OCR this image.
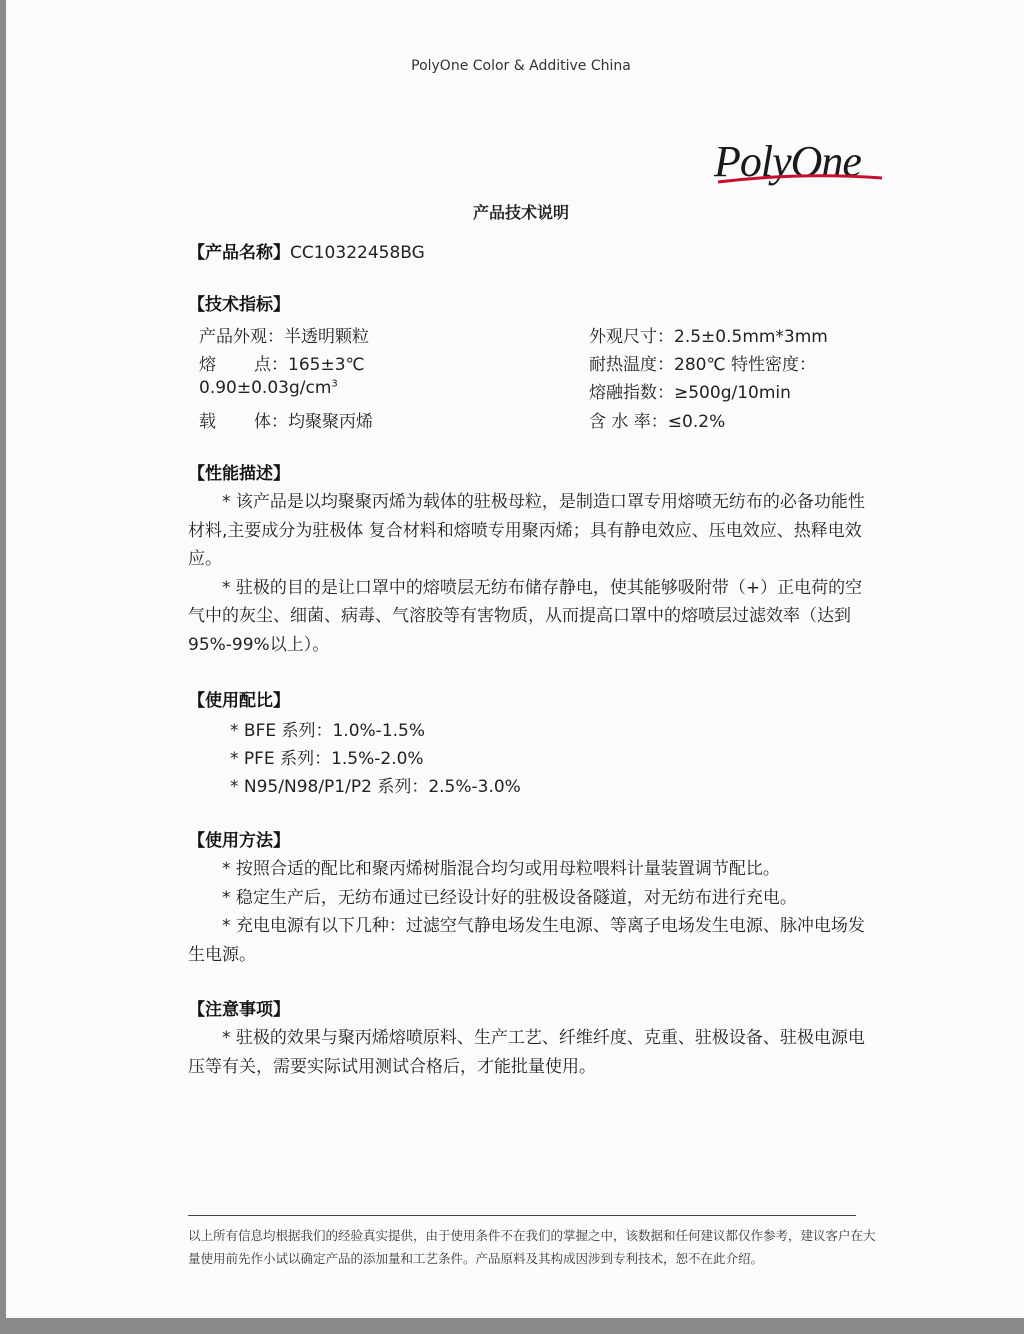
PolyOne Color & Additive China
PolyOne
产品技术说明
【产品名称】CC10322458BG
【技术指标】
产品外观：半透明颗粒	外观尺寸：2.5±0.5mm*3mm
熔 点：165±3℃	耐热温度：280℃ 特性密度：
$0.90\pm 0.03g/cm^3$	熔融指数：≥500g/10min
载 体：均聚聚丙烯	含 水 率：≤0.2%
【性能描述】

* 该产品是以均聚聚丙烯为载体的驻极母粒，是制造口罩专用熔喷无纺布的必备功能性材料,主要成分为驻极体 复合材料和熔喷专用聚丙烯；具有静电效应、压电效应、热释电效应。

* 驻极的目的是让口罩中的熔喷层无纺布储存静电，使其能够吸附带（+）正电荷的空气中的灰尘、细菌、病毒、气溶胶等有害物质，从而提高口罩中的熔喷层过滤效率（达到 95%-99%以上）。

【使用配比】
* BFE 系列：1.0%-1.5%
* PFE 系列：1.5%-2.0%
* N95/N98/P1/P2 系列：2.5%-3.0%
【使用方法】

* 按照合适的配比和聚丙烯树脂混合均匀或用母粒喂料计量装置调节配比。

* 稳定生产后，无纺布通过已经设计好的驻极设备隧道，对无纺布进行充电。

* 充电电源有以下几种：过滤空气静电场发生电源、等离子电场发生电源、脉冲电场发生电源。

【注意事项】

* 驻极的效果与聚丙烯熔喷原料、生产工艺、纤维纤度、克重、驻极设备、驻极电源电压等有关，需要实际试用测试合格后，才能批量使用。

以上所有信息均根据我们的经验真实提供，由于使用条件不在我们的掌握之中，该数据和任何建议都仅作参考，建议客户在大量使用前先作小试以确定产品的添加量和工艺条件。产品原料及其构成因涉到专利技术，恕不在此介绍。
